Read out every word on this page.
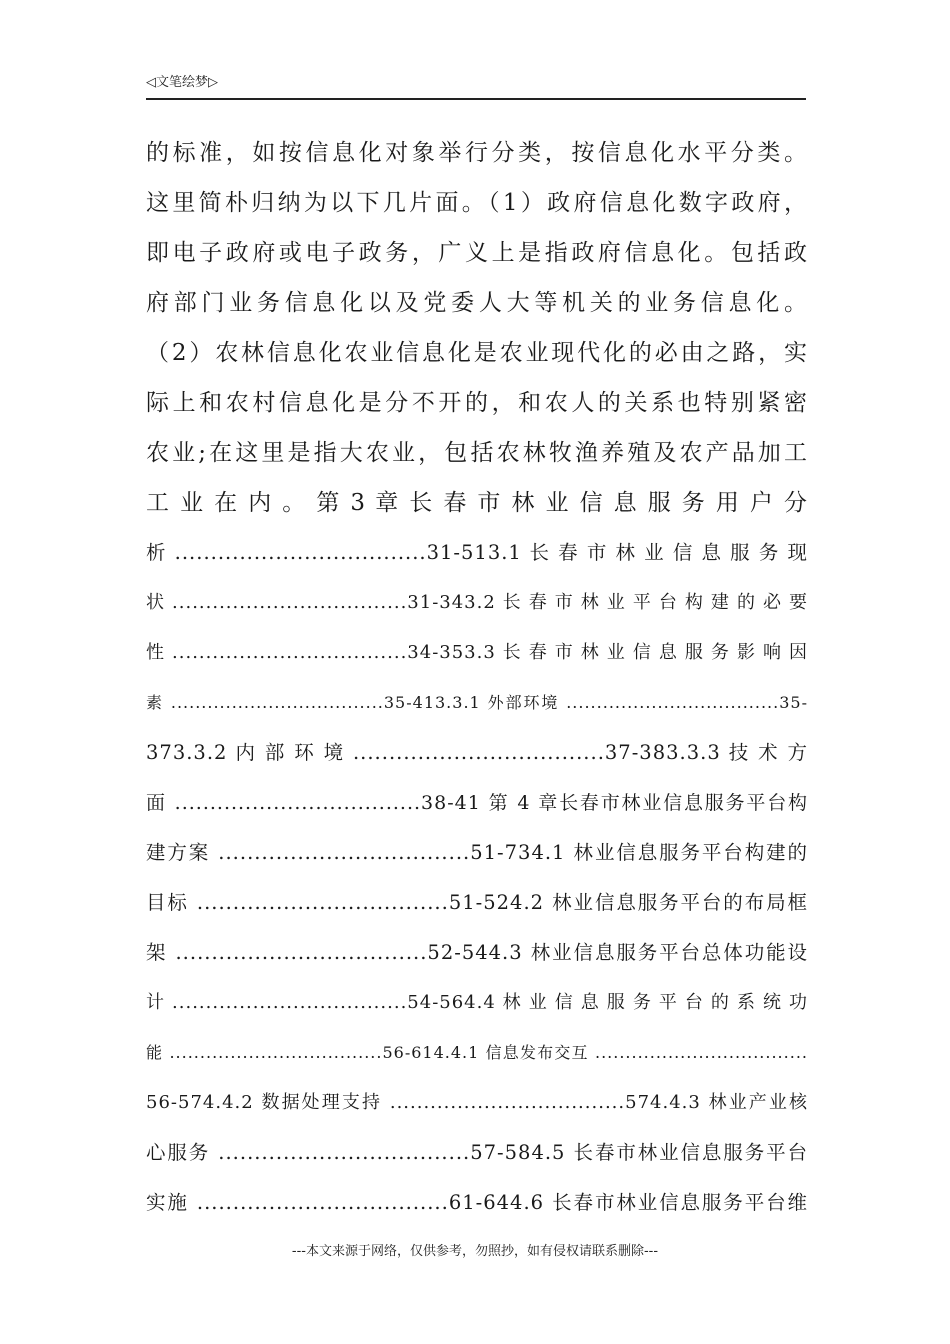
◁文笔绘梦▷
的标准，如按信息化对象举行分类，按信息化水平分类。
这里简朴归纳为以下几片面。（1）政府信息化数字政府，
即电子政府或电子政务，广义上是指政府信息化。包括政
府部门业务信息化以及党委人大等机关的业务信息化。
（2）农林信息化农业信息化是农业现代化的必由之路，实
际上和农村信息化是分不开的，和农人的关系也特别紧密
农业;在这里是指大农业，包括农林牧渔养殖及农产品加工
工 业 在 内 。 第 3 章 长 春 市 林 业 信 息 服 务 用 户 分
析 ...................................31-513.1 长 春 市 林 业 信 息 服 务 现
状 ...................................31-343.2 长 春 市 林 业 平 台 构 建 的 必 要
性 ...................................34-353.3 长 春 市 林 业 信 息 服 务 影 响 因
素 ...................................35-413.3.1 外部环境 ...................................35-
373.3.2 内 部 环 境 ...................................37-383.3.3 技 术 方
面 ...................................38-41 第 4 章长春市林业信息服务平台构
建方案 ...................................51-734.1 林业信息服务平台构建的
目标 ...................................51-524.2 林业信息服务平台的布局框
架 ...................................52-544.3 林业信息服务平台总体功能设
计 ...................................54-564.4 林 业 信 息 服 务 平 台 的 系 统 功
能 ...................................56-614.4.1 信息发布交互 ...................................
56-574.4.2 数据处理支持 ...................................574.4.3 林业产业核
心服务 ...................................57-584.5 长春市林业信息服务平台
实施 ...................................61-644.6 长春市林业信息服务平台维
---本文来源于网络，仅供参考，勿照抄，如有侵权请联系删除---
